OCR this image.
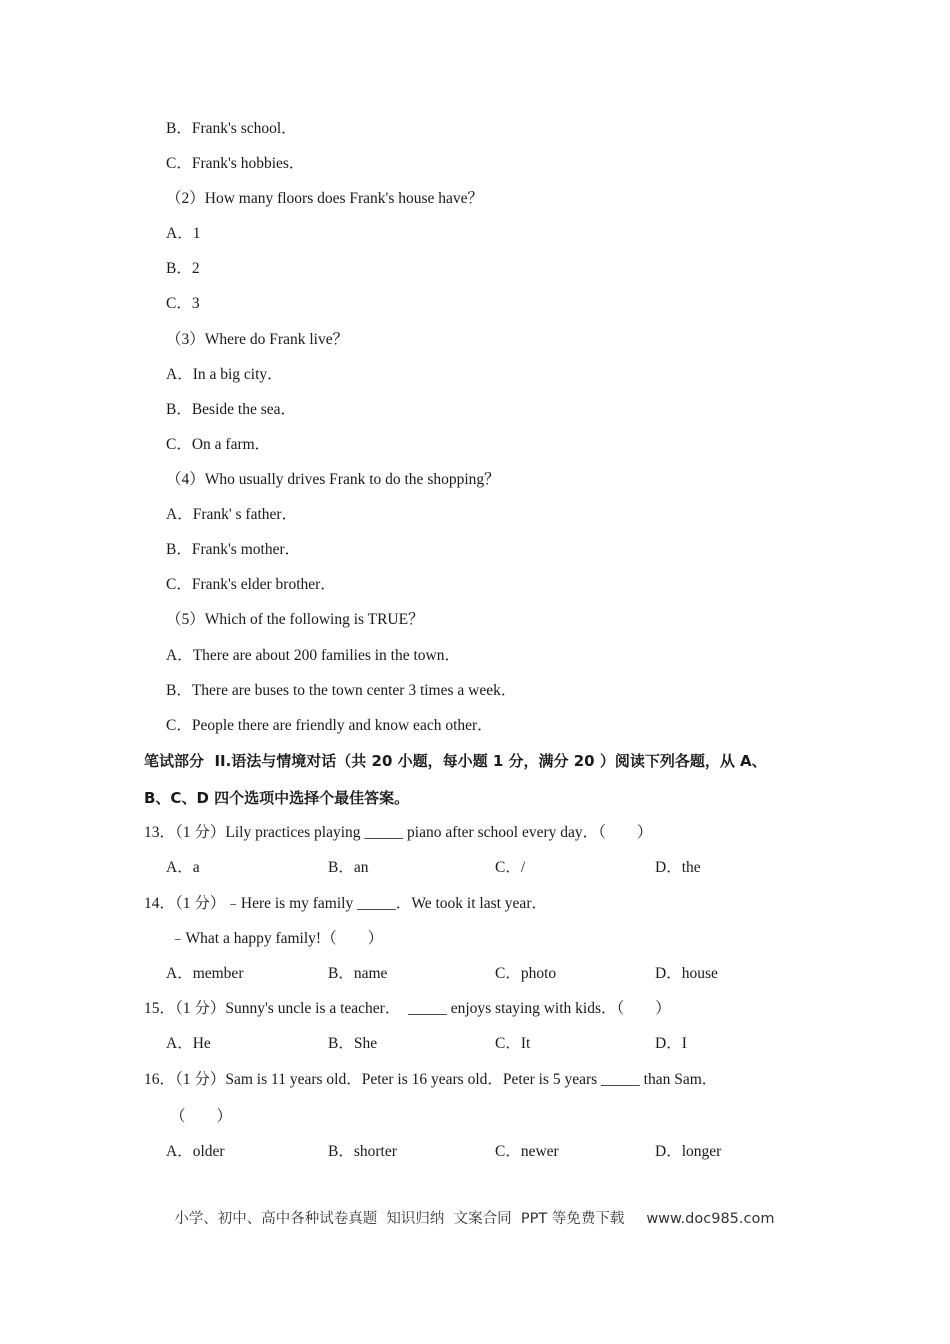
B．Frank's school．
C．Frank's hobbies．
（2）How many floors does Frank's house have？
A．1
B．2
C．3
（3）Where do Frank live？
A．In a big city．
B．Beside the sea．
C．On a farm．
（4）Who usually drives Frank to do the shopping？
A．Frank' s father．
B．Frank's mother．
C．Frank's elder brother．
（5）Which of the following is TRUE？
A．There are about 200 families in the town．
B．There are buses to the town center 3 times a week．
C．People there are friendly and know each other．
笔试部分  II.语法与情境对话（共 20 小题，每小题 1 分，满分 20 ）阅读下列各题，从 A、
B、C、D 四个选项中选择个最佳答案。
13．（1 分）Lily practices playing _____ piano after school every day．（　　）
A．a	B．an	C．/	D．the
14．（1 分）﹣Here is my family _____．We took it last year．
﹣What a happy family!（　　）
A．member	B．name	C．photo	D．house
15．（1 分）Sunny's uncle is a teacher．  _____ enjoys staying with kids．（　　）
A．He	B．She	C．It	D．I
16．（1 分）Sam is 11 years old．Peter is 16 years old．Peter is 5 years _____ than Sam．
（　　）
A．older	B．shorter	C．newer	D．longer

小学、初中、高中各种试卷真题  知识归纳  文案合同  PPT 等免费下载 www.doc985.com
